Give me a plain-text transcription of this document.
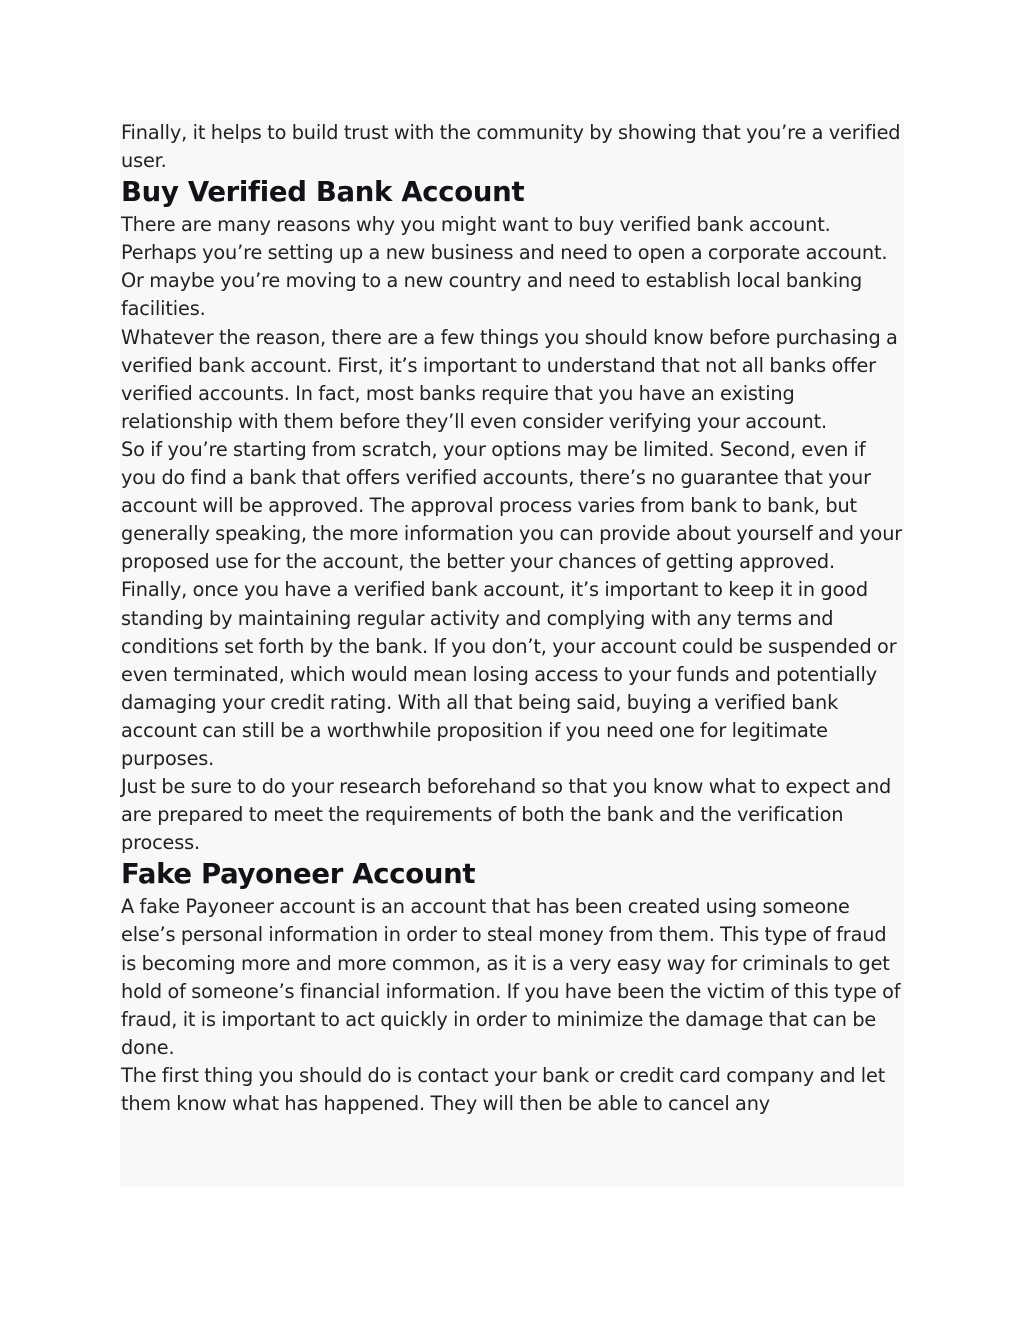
Finally, it helps to build trust with the community by showing that you’re a verified user.

Buy Verified Bank Account

There are many reasons why you might want to buy verified bank account. Perhaps you’re setting up a new business and need to open a corporate account. Or maybe you’re moving to a new country and need to establish local banking facilities.

Whatever the reason, there are a few things you should know before purchasing a verified bank account. First, it’s important to understand that not all banks offer verified accounts. In fact, most banks require that you have an existing relationship with them before they’ll even consider verifying your account.

So if you’re starting from scratch, your options may be limited. Second, even if you do find a bank that offers verified accounts, there’s no guarantee that your account will be approved. The approval process varies from bank to bank, but generally speaking, the more information you can provide about yourself and your proposed use for the account, the better your chances of getting approved.

Finally, once you have a verified bank account, it’s important to keep it in good standing by maintaining regular activity and complying with any terms and conditions set forth by the bank. If you don’t, your account could be suspended or even terminated, which would mean losing access to your funds and potentially damaging your credit rating. With all that being said, buying a verified bank account can still be a worthwhile proposition if you need one for legitimate purposes.

Just be sure to do your research beforehand so that you know what to expect and are prepared to meet the requirements of both the bank and the verification process.

Fake Payoneer Account

A fake Payoneer account is an account that has been created using someone else’s personal information in order to steal money from them. This type of fraud is becoming more and more common, as it is a very easy way for criminals to get hold of someone’s financial information. If you have been the victim of this type of fraud, it is important to act quickly in order to minimize the damage that can be done.

The first thing you should do is contact your bank or credit card company and let them know what has happened. They will then be able to cancel any
